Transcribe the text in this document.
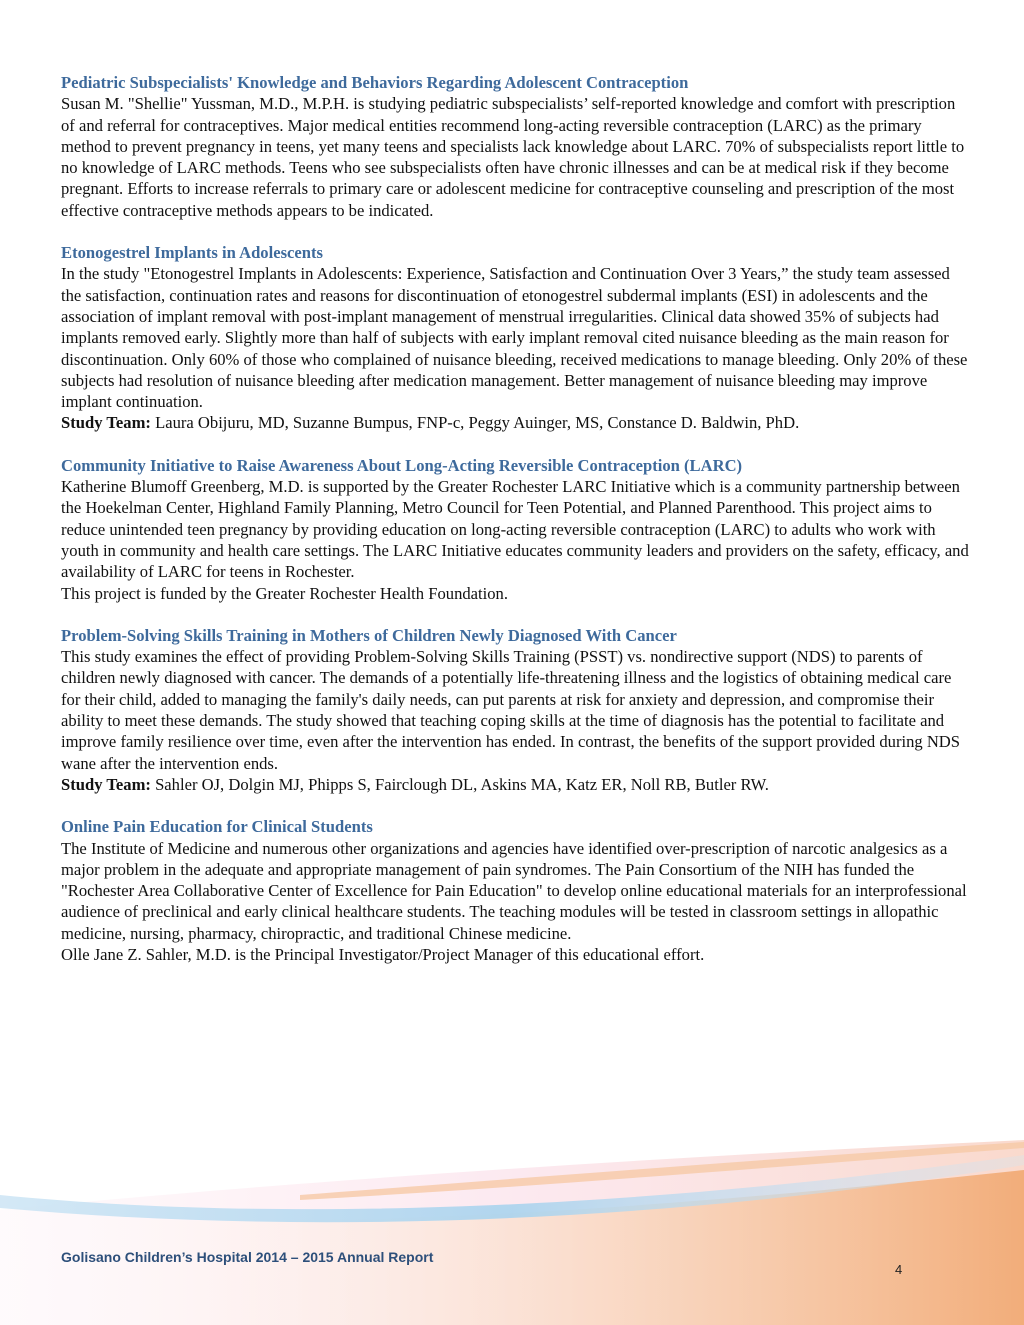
Pediatric Subspecialists' Knowledge and Behaviors Regarding Adolescent Contraception

Susan M. "Shellie" Yussman, M.D., M.P.H. is studying pediatric subspecialists’ self-reported knowledge and comfort with prescription of and referral for contraceptives. Major medical entities recommend long-acting reversible contraception (LARC) as the primary method to prevent pregnancy in teens, yet many teens and specialists lack knowledge about LARC. 70% of subspecialists report little to no knowledge of LARC methods. Teens who see subspecialists often have chronic illnesses and can be at medical risk if they become pregnant. Efforts to increase referrals to primary care or adolescent medicine for contraceptive counseling and prescription of the most effective contraceptive methods appears to be indicated.

Etonogestrel Implants in Adolescents

In the study "Etonogestrel Implants in Adolescents: Experience, Satisfaction and Continuation Over 3 Years,” the study team assessed the satisfaction, continuation rates and reasons for discontinuation of etonogestrel subdermal implants (ESI) in adolescents and the association of implant removal with post-implant management of menstrual irregularities. Clinical data showed 35% of subjects had implants removed early. Slightly more than half of subjects with early implant removal cited nuisance bleeding as the main reason for discontinuation. Only 60% of those who complained of nuisance bleeding, received medications to manage bleeding. Only 20% of these subjects had resolution of nuisance bleeding after medication management. Better management of nuisance bleeding may improve implant continuation.

Study Team: Laura Obijuru, MD, Suzanne Bumpus, FNP-c, Peggy Auinger, MS, Constance D. Baldwin, PhD.

Community Initiative to Raise Awareness About Long-Acting Reversible Contraception (LARC)

Katherine Blumoff Greenberg, M.D. is supported by the Greater Rochester LARC Initiative which is a community partnership between the Hoekelman Center, Highland Family Planning, Metro Council for Teen Potential, and Planned Parenthood. This project aims to reduce unintended teen pregnancy by providing education on long-acting reversible contraception (LARC) to adults who work with youth in community and health care settings. The LARC Initiative educates community leaders and providers on the safety, efficacy, and availability of LARC for teens in Rochester.

This project is funded by the Greater Rochester Health Foundation.

Problem-Solving Skills Training in Mothers of Children Newly Diagnosed With Cancer

This study examines the effect of providing Problem-Solving Skills Training (PSST) vs. nondirective support (NDS) to parents of children newly diagnosed with cancer. The demands of a potentially life-threatening illness and the logistics of obtaining medical care for their child, added to managing the family's daily needs, can put parents at risk for anxiety and depression, and compromise their ability to meet these demands. The study showed that teaching coping skills at the time of diagnosis has the potential to facilitate and improve family resilience over time, even after the intervention has ended. In contrast, the benefits of the support provided during NDS wane after the intervention ends.

Study Team: Sahler OJ, Dolgin MJ, Phipps S, Fairclough DL, Askins MA, Katz ER, Noll RB, Butler RW.

Online Pain Education for Clinical Students

The Institute of Medicine and numerous other organizations and agencies have identified over-prescription of narcotic analgesics as a major problem in the adequate and appropriate management of pain syndromes. The Pain Consortium of the NIH has funded the "Rochester Area Collaborative Center of Excellence for Pain Education" to develop online educational materials for an interprofessional audience of preclinical and early clinical healthcare students. The teaching modules will be tested in classroom settings in allopathic medicine, nursing, pharmacy, chiropractic, and traditional Chinese medicine.

Olle Jane Z. Sahler, M.D. is the Principal Investigator/Project Manager of this educational effort.

Golisano Children’s Hospital 2014 – 2015 Annual Report
4
